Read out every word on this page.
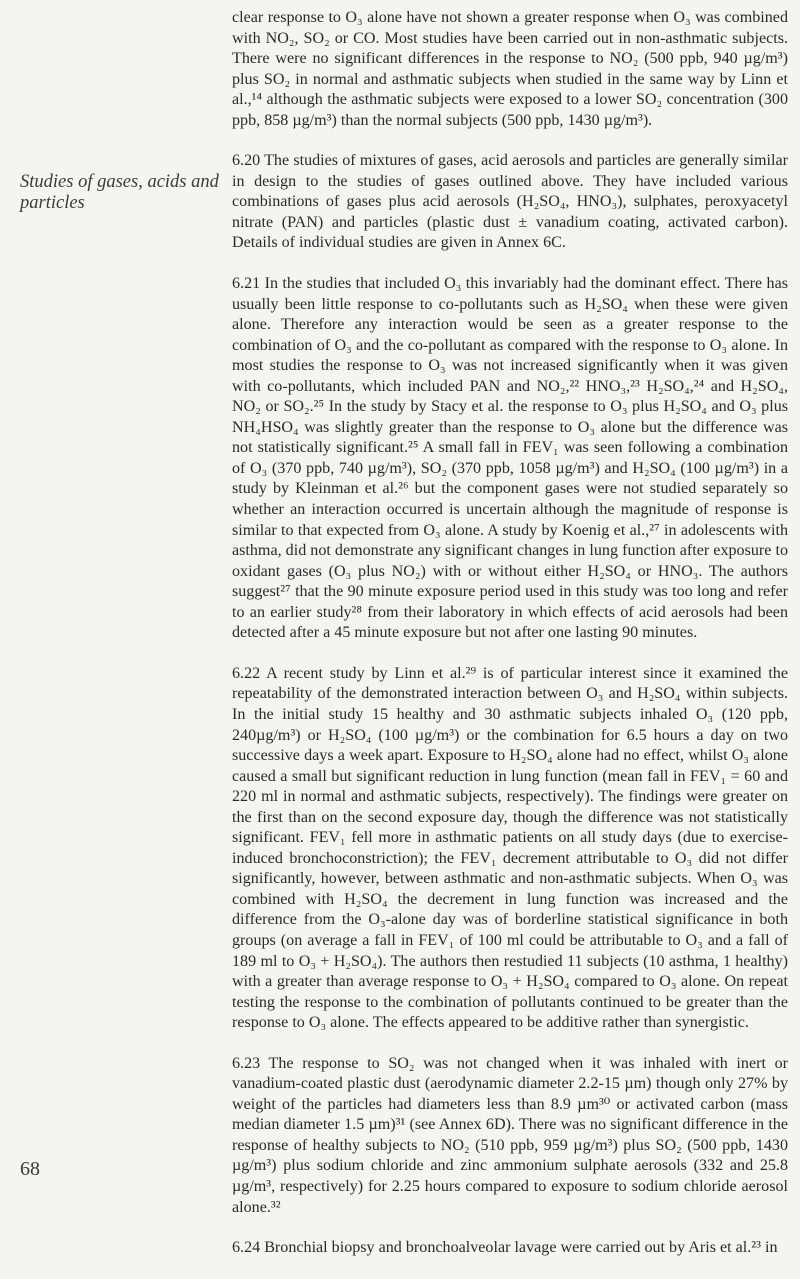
Studies of gases, acids and particles

clear response to O₃ alone have not shown a greater response when O₃ was combined with NO₂, SO₂ or CO. Most studies have been carried out in non-asthmatic subjects. There were no significant differences in the response to NO₂ (500 ppb, 940 µg/m³) plus SO₂ in normal and asthmatic subjects when studied in the same way by Linn et al.,¹⁴ although the asthmatic subjects were exposed to a lower SO₂ concentration (300 ppb, 858 µg/m³) than the normal subjects (500 ppb, 1430 µg/m³).

6.20 The studies of mixtures of gases, acid aerosols and particles are generally similar in design to the studies of gases outlined above. They have included various combinations of gases plus acid aerosols (H₂SO₄, HNO₃), sulphates, peroxyacetyl nitrate (PAN) and particles (plastic dust ± vanadium coating, activated carbon). Details of individual studies are given in Annex 6C.

6.21 In the studies that included O₃ this invariably had the dominant effect. There has usually been little response to co-pollutants such as H₂SO₄ when these were given alone. Therefore any interaction would be seen as a greater response to the combination of O₃ and the co-pollutant as compared with the response to O₃ alone. In most studies the response to O₃ was not increased significantly when it was given with co-pollutants, which included PAN and NO₂,²² HNO₃,²³ H₂SO₄,²⁴ and H₂SO₄, NO₂ or SO₂.²⁵ In the study by Stacy et al. the response to O₃ plus H₂SO₄ and O₃ plus NH₄HSO₄ was slightly greater than the response to O₃ alone but the difference was not statistically significant.²⁵ A small fall in FEV₁ was seen following a combination of O₃ (370 ppb, 740 µg/m³), SO₂ (370 ppb, 1058 µg/m³) and H₂SO₄ (100 µg/m³) in a study by Kleinman et al.²⁶ but the component gases were not studied separately so whether an interaction occurred is uncertain although the magnitude of response is similar to that expected from O₃ alone. A study by Koenig et al.,²⁷ in adolescents with asthma, did not demonstrate any significant changes in lung function after exposure to oxidant gases (O₃ plus NO₂) with or without either H₂SO₄ or HNO₃. The authors suggest²⁷ that the 90 minute exposure period used in this study was too long and refer to an earlier study²⁸ from their laboratory in which effects of acid aerosols had been detected after a 45 minute exposure but not after one lasting 90 minutes.

6.22 A recent study by Linn et al.²⁹ is of particular interest since it examined the repeatability of the demonstrated interaction between O₃ and H₂SO₄ within subjects. In the initial study 15 healthy and 30 asthmatic subjects inhaled O₃ (120 ppb, 240µg/m³) or H₂SO₄ (100 µg/m³) or the combination for 6.5 hours a day on two successive days a week apart. Exposure to H₂SO₄ alone had no effect, whilst O₃ alone caused a small but significant reduction in lung function (mean fall in FEV₁ = 60 and 220 ml in normal and asthmatic subjects, respectively). The findings were greater on the first than on the second exposure day, though the difference was not statistically significant. FEV₁ fell more in asthmatic patients on all study days (due to exercise-induced bronchoconstriction); the FEV₁ decrement attributable to O₃ did not differ significantly, however, between asthmatic and non-asthmatic subjects. When O₃ was combined with H₂SO₄ the decrement in lung function was increased and the difference from the O₃-alone day was of borderline statistical significance in both groups (on average a fall in FEV₁ of 100 ml could be attributable to O₃ and a fall of 189 ml to O₃ + H₂SO₄). The authors then restudied 11 subjects (10 asthma, 1 healthy) with a greater than average response to O₃ + H₂SO₄ compared to O₃ alone. On repeat testing the response to the combination of pollutants continued to be greater than the response to O₃ alone. The effects appeared to be additive rather than synergistic.

6.23 The response to SO₂ was not changed when it was inhaled with inert or vanadium-coated plastic dust (aerodynamic diameter 2.2-15 µm) though only 27% by weight of the particles had diameters less than 8.9 µm³⁰ or activated carbon (mass median diameter 1.5 µm)³¹ (see Annex 6D). There was no significant difference in the response of healthy subjects to NO₂ (510 ppb, 959 µg/m³) plus SO₂ (500 ppb, 1430 µg/m³) plus sodium chloride and zinc ammonium sulphate aerosols (332 and 25.8 µg/m³, respectively) for 2.25 hours compared to exposure to sodium chloride aerosol alone.³²

6.24 Bronchial biopsy and bronchoalveolar lavage were carried out by Aris et al.²³ in

68
